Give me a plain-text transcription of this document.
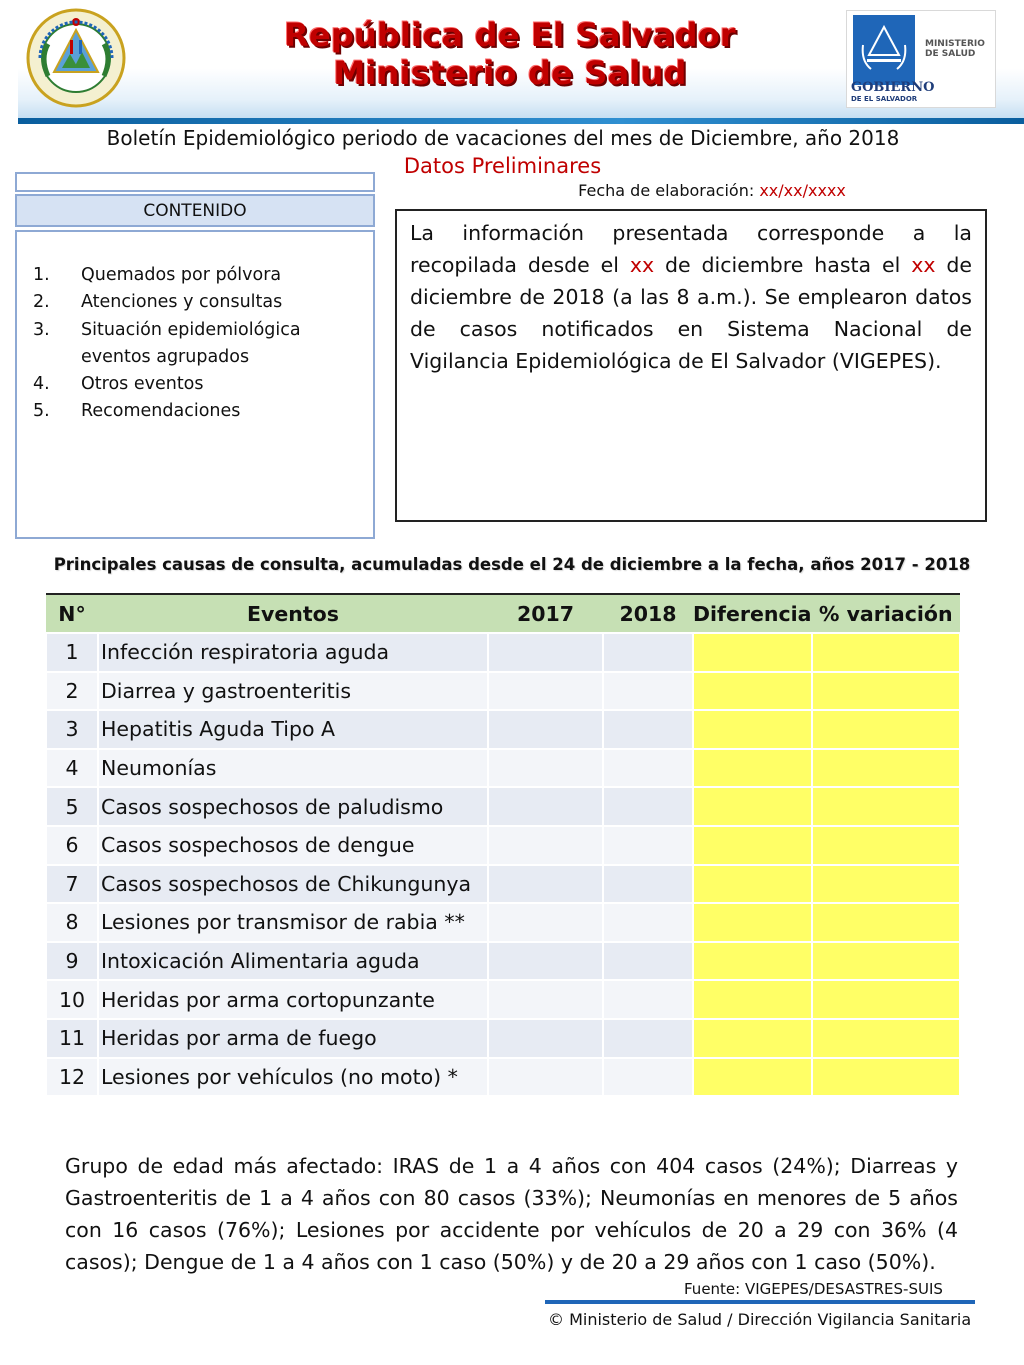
República de El Salvador
Ministerio de Salud
MINISTERIO
DE SALUD
GOBIERNO
DE EL SALVADOR
Boletín Epidemiológico periodo de vacaciones del mes de Diciembre, año 2018
Datos Preliminares
Fecha de elaboración: xx/xx/xxxx
CONTENIDO
1. Quemados por pólvora
2. Atenciones y consultas
3. Situación epidemiológica eventos agrupados
4. Otros eventos
5. Recomendaciones

La información presentada corresponde a la recopilada desde el xx de diciembre hasta el xx de diciembre de 2018 (a las 8 a.m.). Se emplearon datos de casos notificados en Sistema Nacional de Vigilancia Epidemiológica de El Salvador (VIGEPES).

Principales causas de consulta, acumuladas desde el 24 de diciembre a la fecha, años 2017 - 2018
N°	Eventos	2017	2018	Diferencia	% variación
1	Infección respiratoria aguda				
2	Diarrea y gastroenteritis				
3	Hepatitis Aguda Tipo A				
4	Neumonías				
5	Casos sospechosos de paludismo				
6	Casos sospechosos de dengue				
7	Casos sospechosos de Chikungunya				
8	Lesiones por transmisor de rabia **				
9	Intoxicación Alimentaria aguda				
10	Heridas por arma cortopunzante				
11	Heridas por arma de fuego				
12	Lesiones por vehículos (no moto) *				
Grupo de edad más afectado: IRAS de 1 a 4 años con 404 casos (24%); Diarreas y Gastroenteritis de 1 a 4 años con 80 casos (33%); Neumonías en menores de 5 años con 16 casos (76%); Lesiones por accidente por vehículos de 20 a 29 con 36% (4 casos); Dengue de 1 a 4 años con 1 caso (50%) y de 20 a 29 años con 1 caso (50%).
Fuente: VIGEPES/DESASTRES-SUIS
© Ministerio de Salud / Dirección Vigilancia Sanitaria
